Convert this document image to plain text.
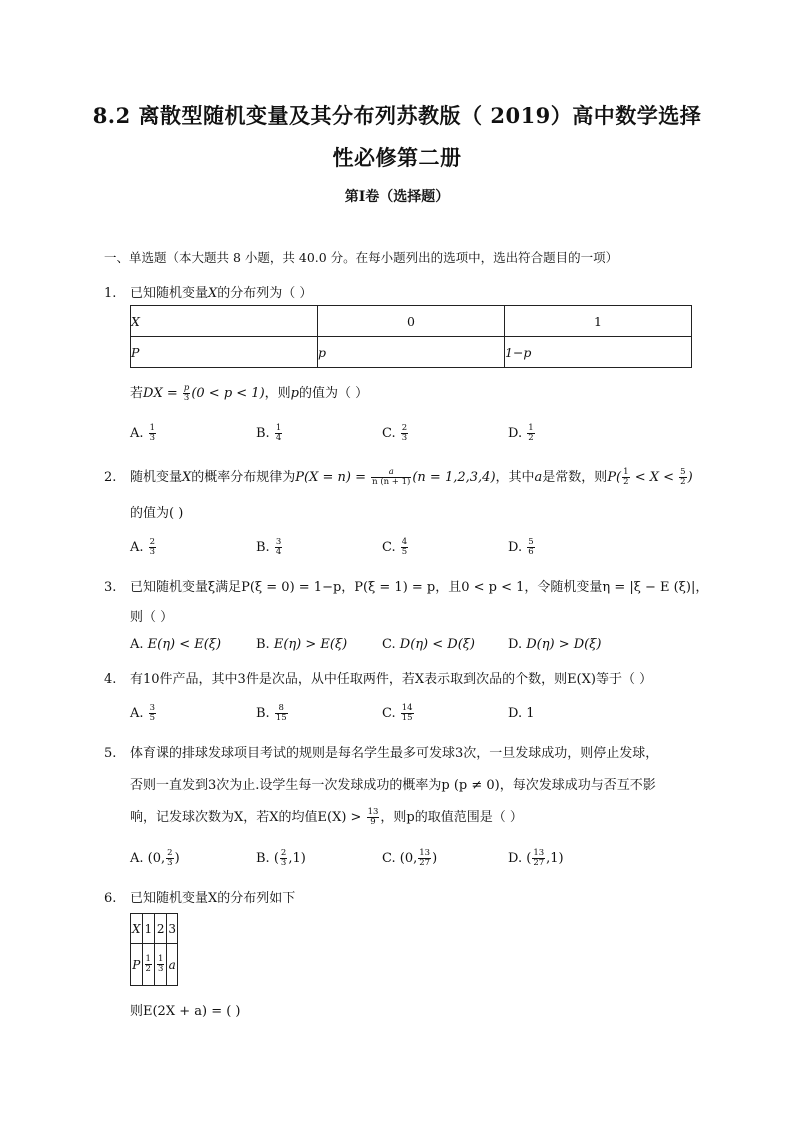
8.2 离散型随机变量及其分布列苏教版（ 2019）高中数学选择
性必修第二册
第Ⅰ卷（选择题）
一、单选题（本大题共 8 小题，共 40.0 分。在每小题列出的选项中，选出符合题目的一项）
1. 已知随机变量X的分布列为（ ）
X	0	1
P	p	1−p
若DX = $\frac{p}{3} (0 < p < 1)$，则p的值为（ ）
A. $\frac{1}{3}$	B. $\frac{1}{4}$	C. $\frac{2}{3}$	D. $\frac{1}{2}$
2. 随机变量X的概率分布规律为$P(X = n) = \frac{a}{n (n + 1)} (n = 1,2,3,4)$，其中a是常数，则$P( \frac{1}{2} < X < \frac{5}{2}$ )
的值为( )
A. $\frac{2}{3}$	B. $\frac{3}{4}$	C. $\frac{4}{5}$	D. $\frac{5}{6}$
3. 已知随机变量ξ满足P(ξ = 0) = 1−p，P(ξ = 1) = p，且0 < p < 1，令随机变量η = |ξ − E (ξ)|，
则（ ）
A. E(η) < E(ξ)	B. E(η) > E(ξ)	C. D(η) < D(ξ)	D. D(η) > D(ξ)
4. 有10件产品，其中3件是次品，从中任取两件，若X表示取到次品的个数，则E(X)等于（ ）
A. $\frac{3}{5}$	B. $\frac{8}{15}$	C. $\frac{14}{15}$	D. 1
5. 体育课的排球发球项目考试的规则是每名学生最多可发球3次，一旦发球成功，则停止发球，
否则一直发到3次为止.设学生每一次发球成功的概率为p (p ≠ 0)，每次发球成功与否互不影
响，记发球次数为X，若X的均值$E(X) > \frac{13}{9}$ ，则p的取值范围是（ ）
A. (0, $\frac{2}{3}$ )	B. ( $\frac{2}{3} ,1$)	C. (0, $\frac{13}{27}$ )	D. ( $\frac{13}{27} ,1$)
6. 已知随机变量X的分布列如下
X	1	2	3
P	$\frac{1}{2}$	$\frac{1}{3}$	a
则E(2X + a) = ( )
